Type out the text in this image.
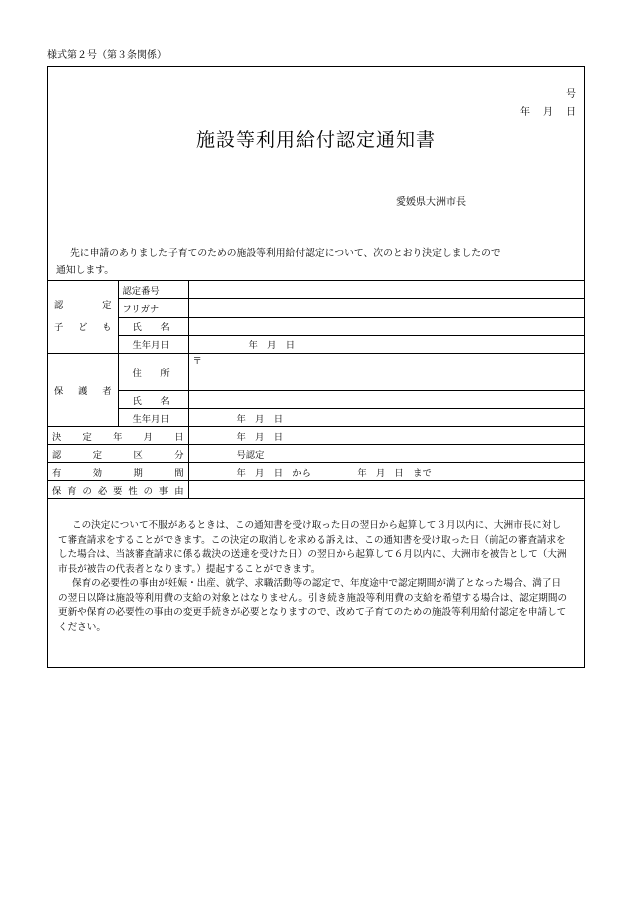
様式第２号（第３条関係）
号
年 月 日
施設等利用給付認定通知書
愛媛県大洲市長
先に申請のありました子育てのための施設等利用給付認定について、次のとおり決定しましたので
通知します。
認　　定
子　ど　も	認定番号	
	フリガナ	
	氏　　名	
	生年月日	年　月　日

保　護　者	住　　所	〒

	氏　　名	
	生年月日	年　月　日

決　定　年　月　日		年　月　日

認　定　区　分		号認定

有　効　期　間		年　月　日　から　　　　　年　月　日　まで

保育の必要性の事由		

この決定について不服があるときは、この通知書を受け取った日の翌日から起算して３月以内に、大洲市長に対して審査請求をすることができます。この決定の取消しを求める訴えは、この通知書を受け取った日（前記の審査請求をした場合は、当該審査請求に係る裁決の送達を受けた日）の翌日から起算して６月以内に、大洲市を被告として（大洲市長が被告の代表者となります。）提起することができます。

保育の必要性の事由が妊娠・出産、就学、求職活動等の認定で、年度途中で認定期間が満了となった場合、満了日の翌日以降は施設等利用費の支給の対象とはなりません。引き続き施設等利用費の支給を希望する場合は、認定期間の更新や保育の必要性の事由の変更手続きが必要となりますので、改めて子育てのための施設等利用給付認定を申請してください。
